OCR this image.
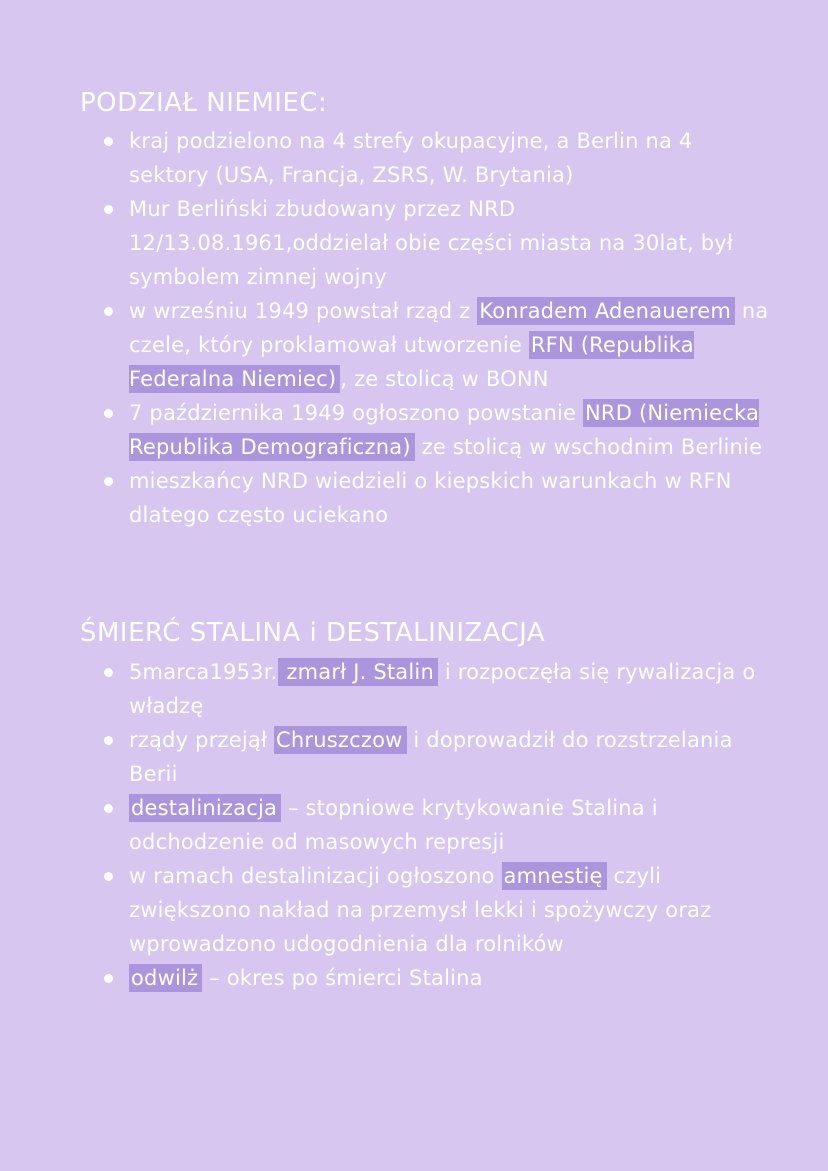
PODZIAŁ NIEMIEC:
kraj podzielono na 4 strefy okupacyjne, a Berlin na 4 sektory (USA, Francja, ZSRS, W. Brytania)
Mur Berliński zbudowany przez NRD 12/13.08.1961,oddzielał obie części miasta na 30lat, był symbolem zimnej wojny
w wrześniu 1949 powstał rząd z Konradem Adenauerem na czele, który proklamował utworzenie RFN (Republika Federalna Niemiec) , ze stolicą w BONN
7 października 1949 ogłoszono powstanie NRD (Niemiecka Republika Demograficzna) ze stolicą w wschodnim Berlinie
mieszkańcy NRD wiedzieli o kiepskich warunkach w RFN dlatego często uciekano
ŚMIERĆ STALINA i DESTALINIZACJA
5marca1953r. zmarł J. Stalin i rozpoczęła się rywalizacja o władzę
rządy przejął Chruszczow i doprowadził do rozstrzelania Berii
destalinizacja – stopniowe krytykowanie Stalina i odchodzenie od masowych represji
w ramach destalinizacji ogłoszono amnestię czyli zwiększono nakład na przemysł lekki i spożywczy oraz wprowadzono udogodnienia dla rolników
odwilż – okres po śmierci Stalina
